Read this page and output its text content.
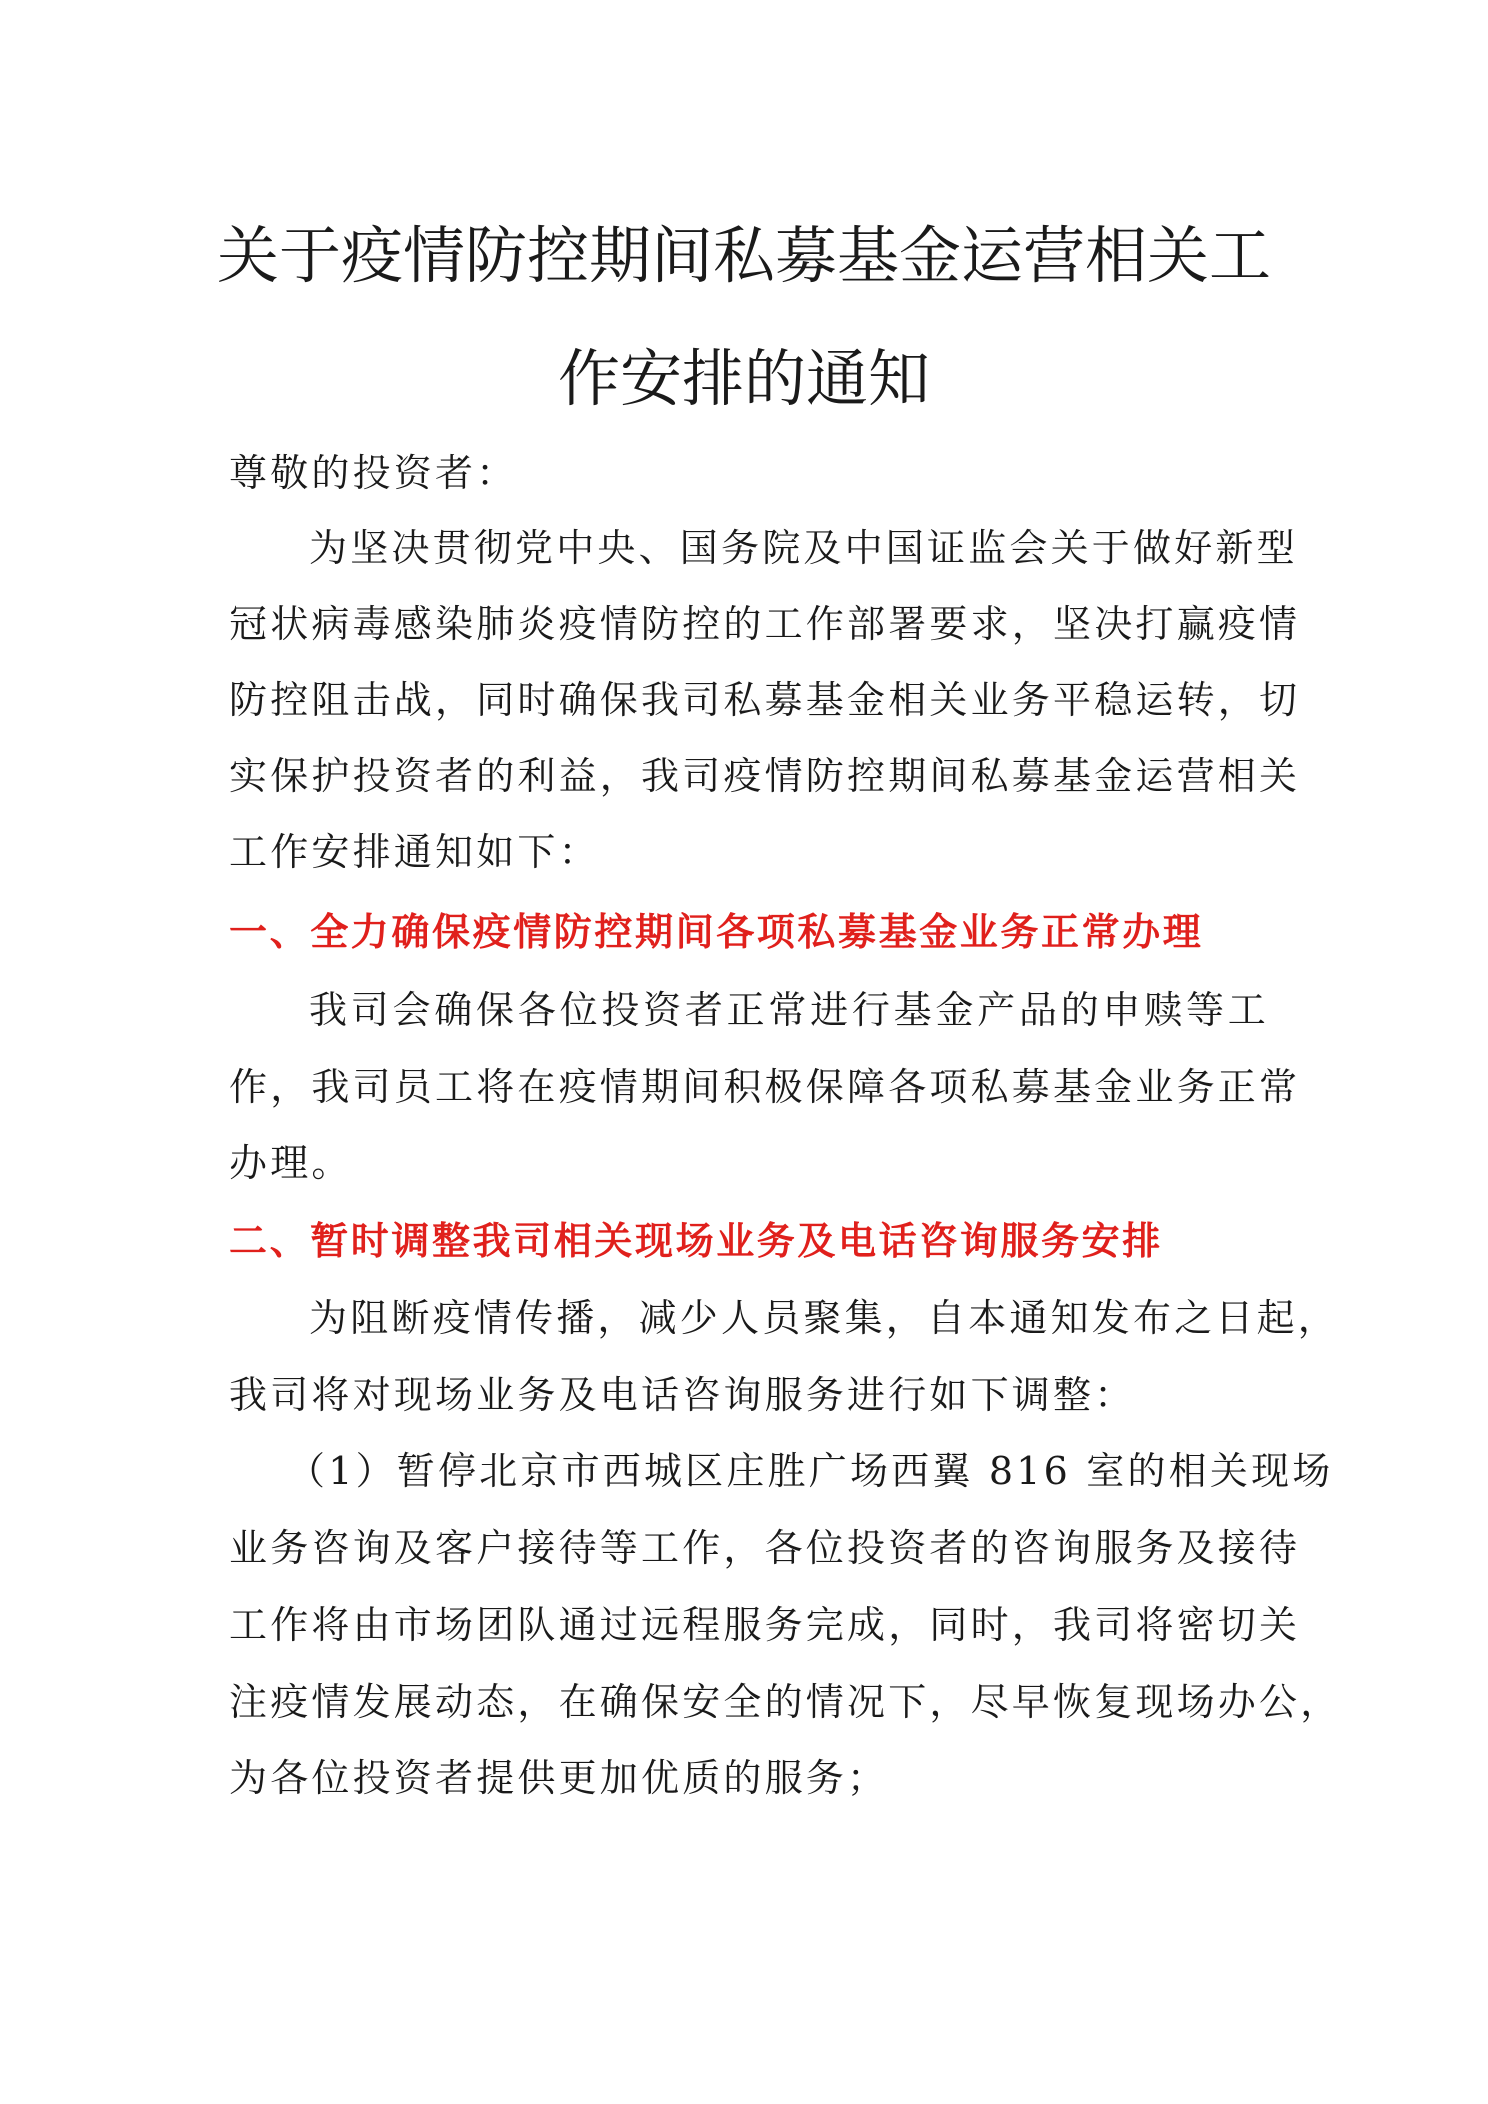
关于疫情防控期间私募基金运营相关工
作安排的通知
尊敬的投资者：
为坚决贯彻党中央、国务院及中国证监会关于做好新型
冠状病毒感染肺炎疫情防控的工作部署要求，坚决打赢疫情
防控阻击战，同时确保我司私募基金相关业务平稳运转，切
实保护投资者的利益，我司疫情防控期间私募基金运营相关
工作安排通知如下：
一、全力确保疫情防控期间各项私募基金业务正常办理
我司会确保各位投资者正常进行基金产品的申赎等工
作，我司员工将在疫情期间积极保障各项私募基金业务正常
办理。
二、暂时调整我司相关现场业务及电话咨询服务安排
为阻断疫情传播，减少人员聚集，自本通知发布之日起，
我司将对现场业务及电话咨询服务进行如下调整：
（1）暂停北京市西城区庄胜广场西翼 816 室的相关现场
业务咨询及客户接待等工作，各位投资者的咨询服务及接待
工作将由市场团队通过远程服务完成，同时，我司将密切关
注疫情发展动态，在确保安全的情况下，尽早恢复现场办公，
为各位投资者提供更加优质的服务；
